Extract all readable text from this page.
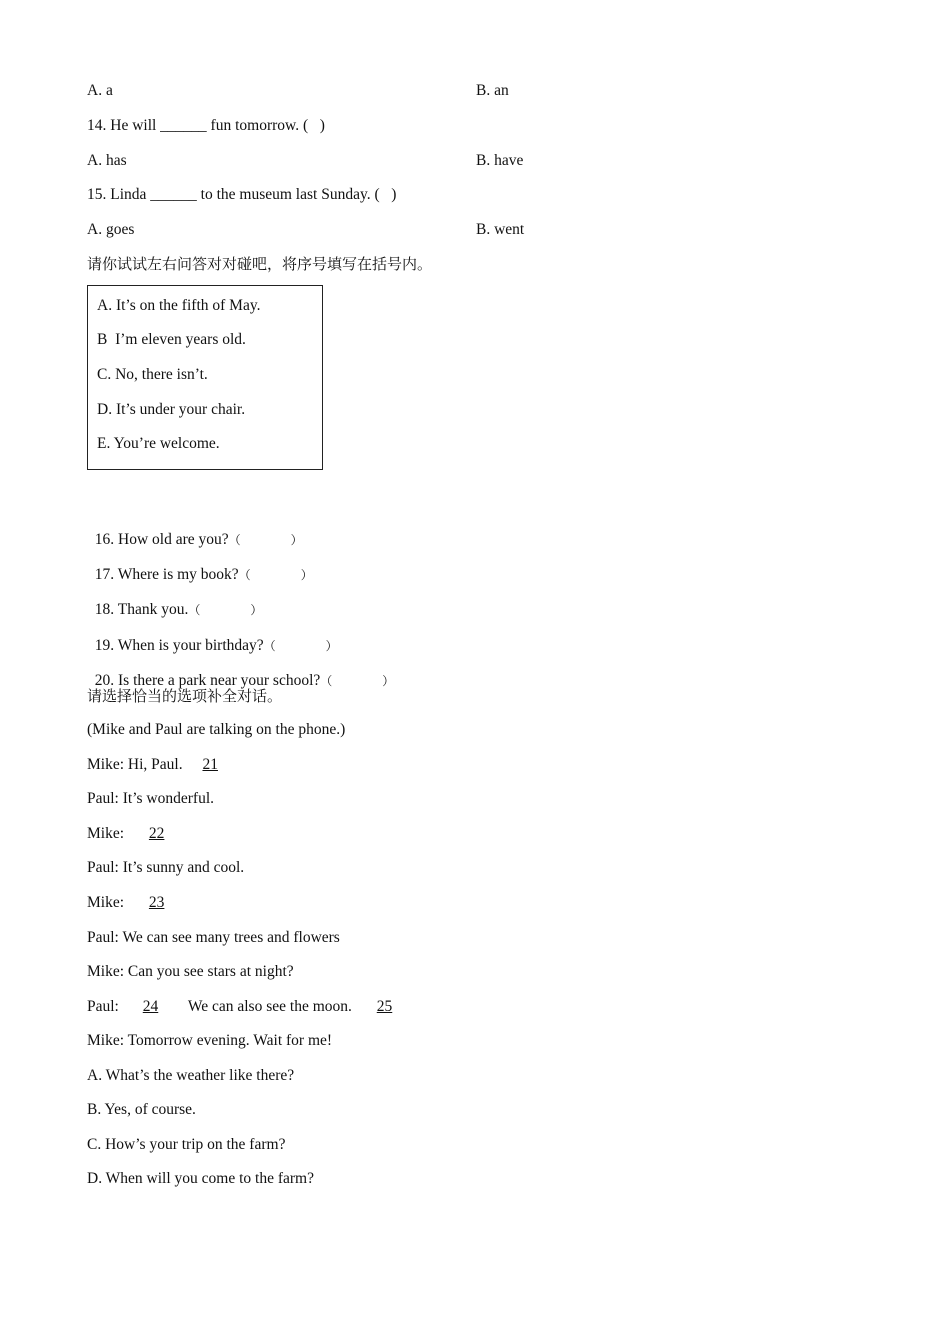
A. a	B. an
14. He will ______ fun tomorrow. (   )
A. has	B. have
15. Linda ______ to the museum last Sunday. (   )
A. goes	B. went
请你试试左右问答对对碰吧，将序号填写在括号内。
A. It’s on the fifth of May.
B  I’m eleven years old.
C. No, there isn’t.
D. It’s under your chair.
E. You’re welcome.

16. How old are you?（	）

17. Where is my book?（	）

18. Thank you.（	）

19. When is your birthday?（	）

20. Is there a park near your school?（	）

请选择恰当的选项补全对话。
(Mike and Paul are talking on the phone.)
Mike: Hi, Paul. 21
Paul: It’s wonderful.
Mike: 22
Paul: It’s sunny and cool.
Mike: 23
Paul: We can see many trees and flowers
Mike: Can you see stars at night?
Paul: 24 We can also see the moon. 25
Mike: Tomorrow evening. Wait for me!
A. What’s the weather like there?
B. Yes, of course.
C. How’s your trip on the farm?
D. When will you come to the farm?
